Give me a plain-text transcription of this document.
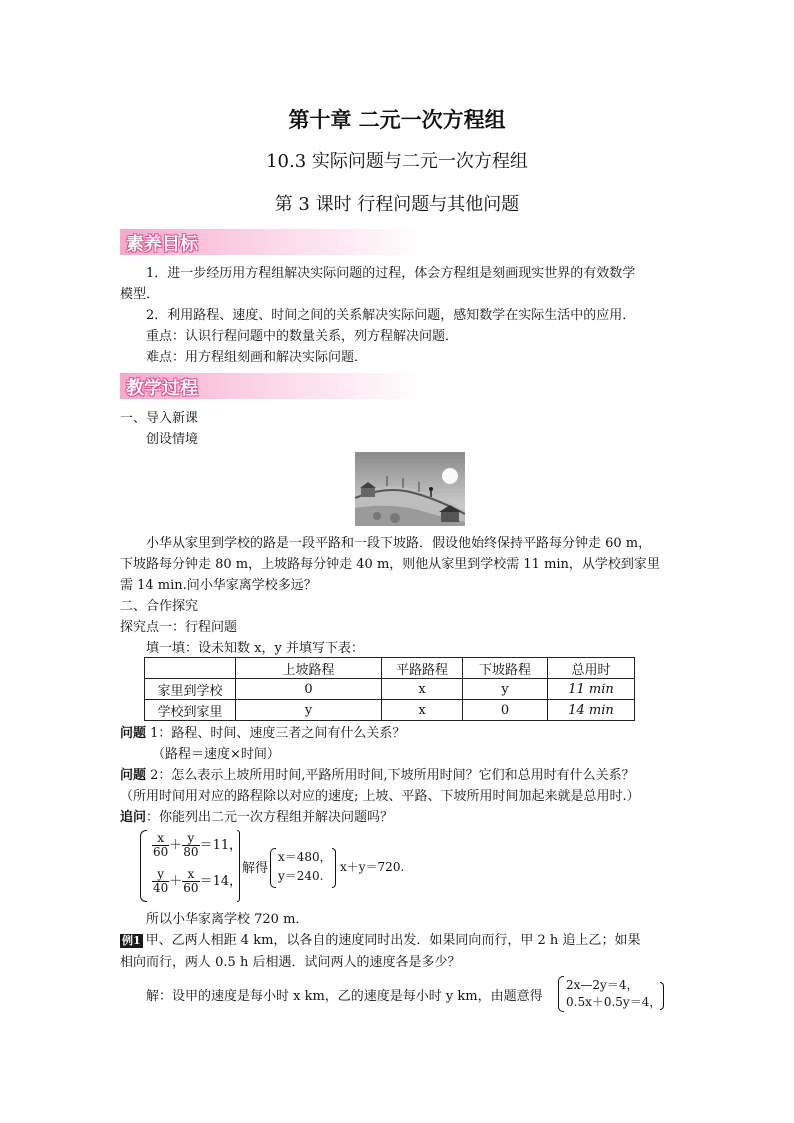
第十章 二元一次方程组
10.3 实际问题与二元一次方程组
第 3 课时 行程问题与其他问题
素养目标
1．进一步经历用方程组解决实际问题的过程，体会方程组是刻画现实世界的有效数学
模型．
2．利用路程、速度、时间之间的关系解决实际问题，感知数学在实际生活中的应用．
重点：认识行程问题中的数量关系，列方程解决问题．
难点：用方程组刻画和解决实际问题．
教学过程
一、导入新课
创设情境
小华从家里到学校的路是一段平路和一段下坡路．假设他始终保持平路每分钟走 60 m，
下坡路每分钟走 80 m，上坡路每分钟走 40 m，则他从家里到学校需 11 min，从学校到家里
需 14 min.问小华家离学校多远？
二、合作探究
探究点一：行程问题
填一填：设未知数 x，y 并填写下表：
	上坡路程	平路路程	下坡路程	总用时
家里到学校	0	x	y	11 min
学校到家里	y	x	0	14 min
问题 1：路程、时间、速度三者之间有什么关系？
（路程＝速度×时间）
问题 2：怎么表示上坡所用时间,平路所用时间,下坡所用时间？它们和总用时有什么关系？
（所用时间用对应的路程除以对应的速度; 上坡、平路、下坡所用时间加起来就是总用时.）
追问：你能列出二元一次方程组并解决问题吗？
$\frac{x}{60} + \frac{y}{80} =11$，
$\frac{y}{40} + \frac{x}{60} =14$，
解得
x＝480，
y＝240.
x＋y＝720.
所以小华家离学校 720 m．
例1 甲、乙两人相距 4 km，以各自的速度同时出发．如果同向而行，甲 2 h 追上乙；如果
相向而行，两人 0.5 h 后相遇．试问两人的速度各是多少？
解：设甲的速度是每小时 x km，乙的速度是每小时 y km，由题意得
2x—2y＝4，
0.5x＋0.5y＝4，
